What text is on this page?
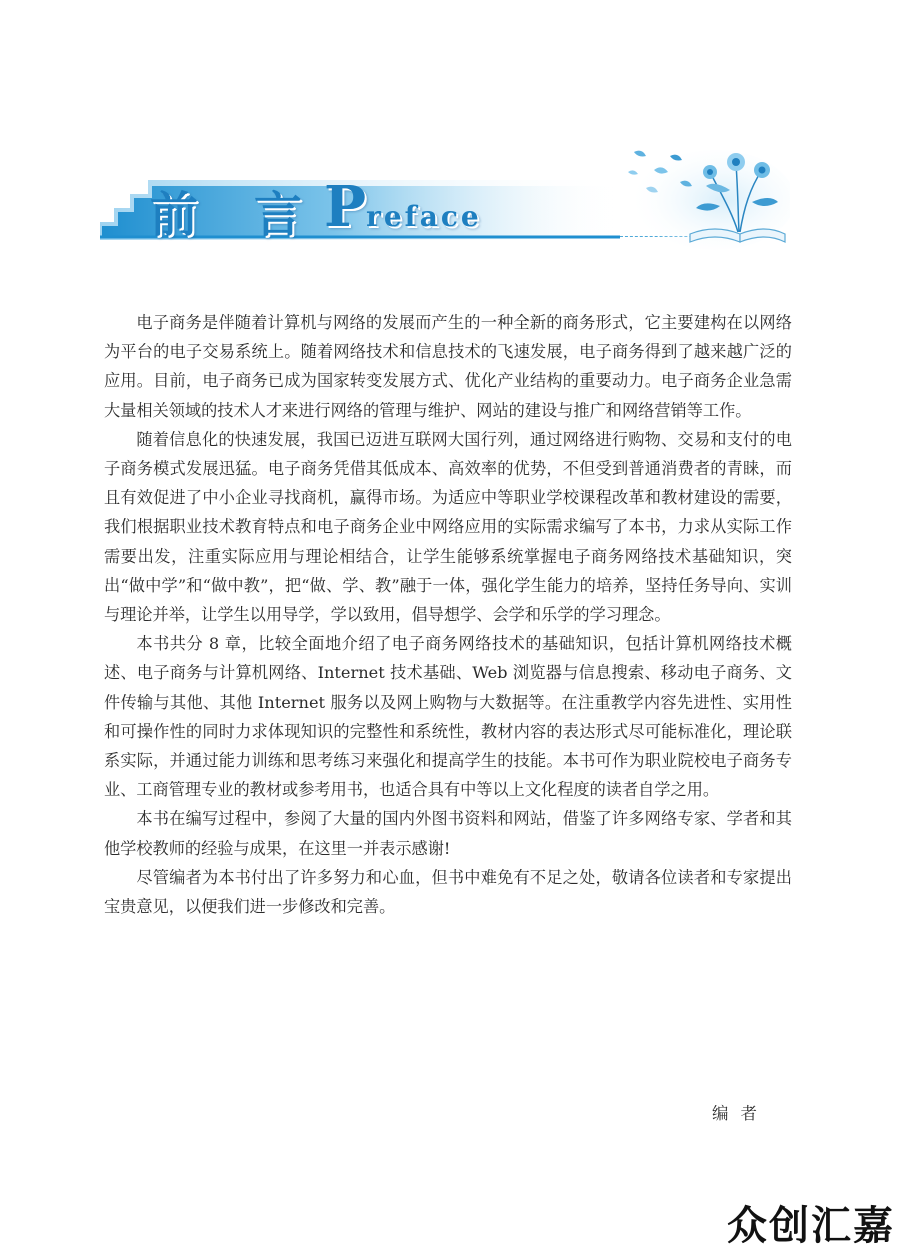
前 言 Preface

电子商务是伴随着计算机与网络的发展而产生的一种全新的商务形式，它主要建构在以网络为平台的电子交易系统上。随着网络技术和信息技术的飞速发展，电子商务得到了越来越广泛的应用。目前，电子商务已成为国家转变发展方式、优化产业结构的重要动力。电子商务企业急需大量相关领域的技术人才来进行网络的管理与维护、网站的建设与推广和网络营销等工作。

随着信息化的快速发展，我国已迈进互联网大国行列，通过网络进行购物、交易和支付的电子商务模式发展迅猛。电子商务凭借其低成本、高效率的优势，不但受到普通消费者的青睐，而且有效促进了中小企业寻找商机，赢得市场。为适应中等职业学校课程改革和教材建设的需要，我们根据职业技术教育特点和电子商务企业中网络应用的实际需求编写了本书，力求从实际工作需要出发，注重实际应用与理论相结合，让学生能够系统掌握电子商务网络技术基础知识，突出“做中学”和“做中教”，把“做、学、教”融于一体，强化学生能力的培养，坚持任务导向、实训与理论并举，让学生以用导学，学以致用，倡导想学、会学和乐学的学习理念。

本书共分 8 章，比较全面地介绍了电子商务网络技术的基础知识，包括计算机网络技术概述、电子商务与计算机网络、Internet 技术基础、Web 浏览器与信息搜索、移动电子商务、文件传输与其他、其他 Internet 服务以及网上购物与大数据等。在注重教学内容先进性、实用性和可操作性的同时力求体现知识的完整性和系统性，教材内容的表达形式尽可能标准化，理论联系实际，并通过能力训练和思考练习来强化和提高学生的技能。本书可作为职业院校电子商务专业、工商管理专业的教材或参考用书，也适合具有中等以上文化程度的读者自学之用。

本书在编写过程中，参阅了大量的国内外图书资料和网站，借鉴了许多网络专家、学者和其他学校教师的经验与成果，在这里一并表示感谢!

尽管编者为本书付出了许多努力和心血，但书中难免有不足之处，敬请各位读者和专家提出宝贵意见，以便我们进一步修改和完善。

编者
众创汇嘉
